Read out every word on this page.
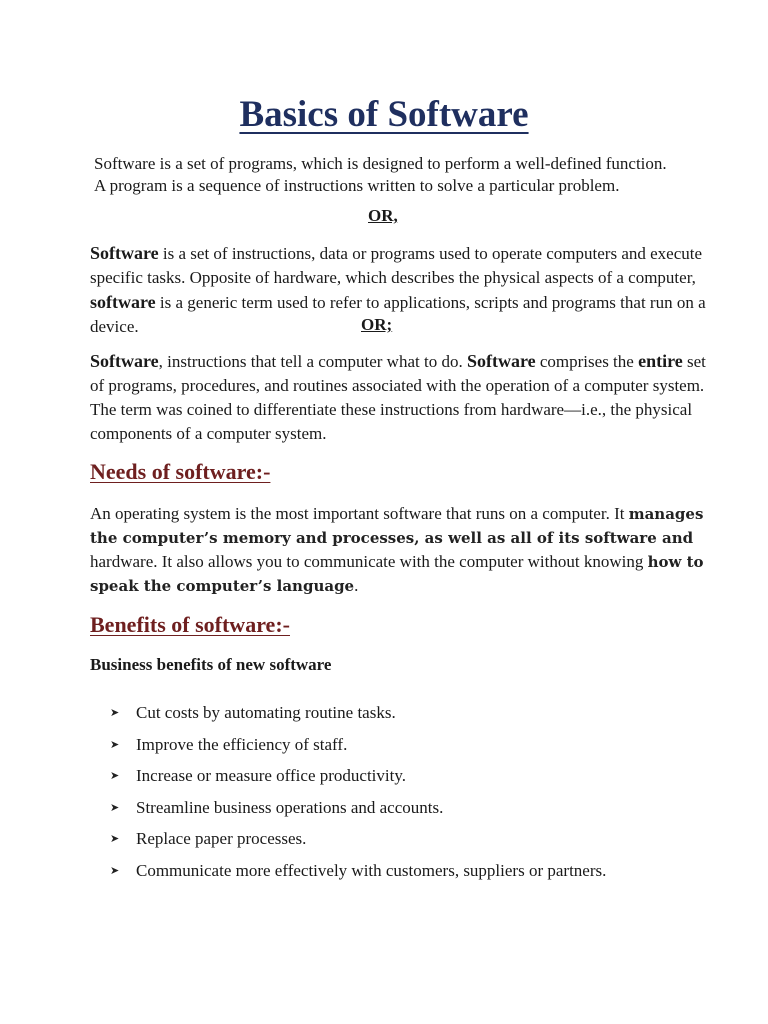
Basics of Software

Software is a set of programs, which is designed to perform a well-defined function.
A program is a sequence of instructions written to solve a particular problem.

OR,

Software is a set of instructions, data or programs used to operate computers and execute specific tasks. Opposite of hardware, which describes the physical aspects of a computer, software is a generic term used to refer to applications, scripts and programs that run on a device.	OR;

Software, instructions that tell a computer what to do. Software comprises the entire set of programs, procedures, and routines associated with the operation of a computer system. The term was coined to differentiate these instructions from hardware—i.e., the physical components of a computer system.

Needs of software:-

An operating system is the most important software that runs on a computer. It manages the computer’s memory and processes, as well as all of its software and hardware. It also allows you to communicate with the computer without knowing how to speak the computer’s language.

Benefits of software:-
Business benefits of new software
➤ Cut costs by automating routine tasks.
➤ Improve the efficiency of staff.
➤ Increase or measure office productivity.
➤ Streamline business operations and accounts.
➤ Replace paper processes.
➤ Communicate more effectively with customers, suppliers or partners.
